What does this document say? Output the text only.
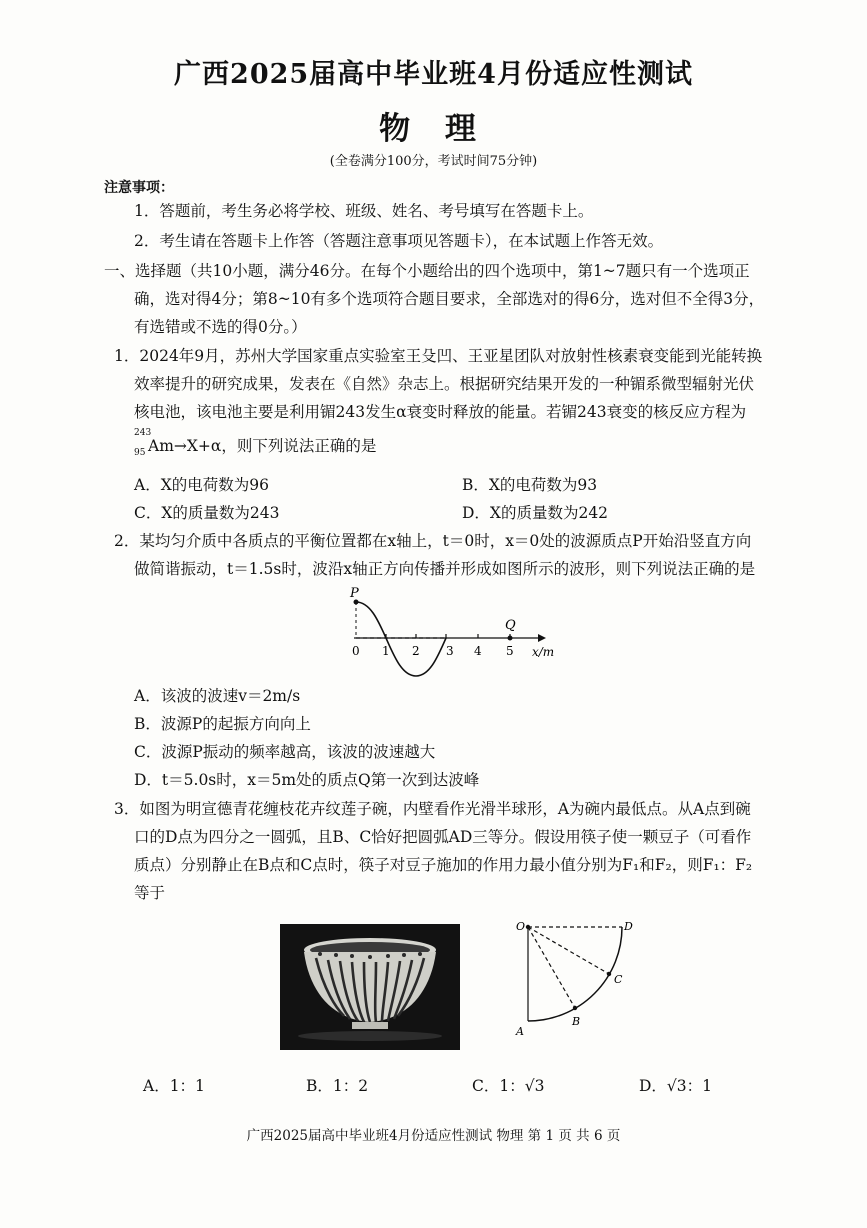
广西2025届高中毕业班4月份适应性测试
物 理
(全卷满分100分，考试时间75分钟)
注意事项：
1．答题前，考生务必将学校、班级、姓名、考号填写在答题卡上。
2．考生请在答题卡上作答（答题注意事项见答题卡），在本试题上作答无效。
一、选择题（共10小题，满分46分。在每个小题给出的四个选项中，第1~7题只有一个选项正
确，选对得4分；第8~10有多个选项符合题目要求，全部选对的得6分，选对但不全得3分，
有选错或不选的得0分。）
1．2024年9月，苏州大学国家重点实验室王殳凹、王亚星团队对放射性核素衰变能到光能转换
效率提升的研究成果，发表在《自然》杂志上。根据研究结果开发的一种镅系微型辐射光伏
核电池，该电池主要是利用镅243发生α衰变时释放的能量。若镅243衰变的核反应方程为
243
95 Am→X+α，则下列说法正确的是
A．X的电荷数为96	B．X的电荷数为93
C．X的质量数为243	D．X的质量数为242
2．某均匀介质中各质点的平衡位置都在x轴上，t＝0时，x＝0处的波源质点P开始沿竖直方向
做简谐振动，t＝1.5s时，波沿x轴正方向传播并形成如图所示的波形，则下列说法正确的是
P
Q
0 1 2 3 4 5 x/m
A．该波的波速v＝2m/s
B．波源P的起振方向向上
C．波源P振动的频率越高，该波的波速越大
D．t＝5.0s时，x＝5m处的质点Q第一次到达波峰
3．如图为明宣德青花缠枝花卉纹莲子碗，内壁看作光滑半球形，A为碗内最低点。从A点到碗
口的D点为四分之一圆弧，且B、C恰好把圆弧AD三等分。假设用筷子使一颗豆子（可看作
质点）分别静止在B点和C点时，筷子对豆子施加的作用力最小值分别为F₁和F₂，则F₁：F₂
等于
O	D
C
B
A
A．1：1	B．1：2	C．1：√3	D．√3：1
广西2025届高中毕业班4月份适应性测试 物理 第 1 页 共 6 页
